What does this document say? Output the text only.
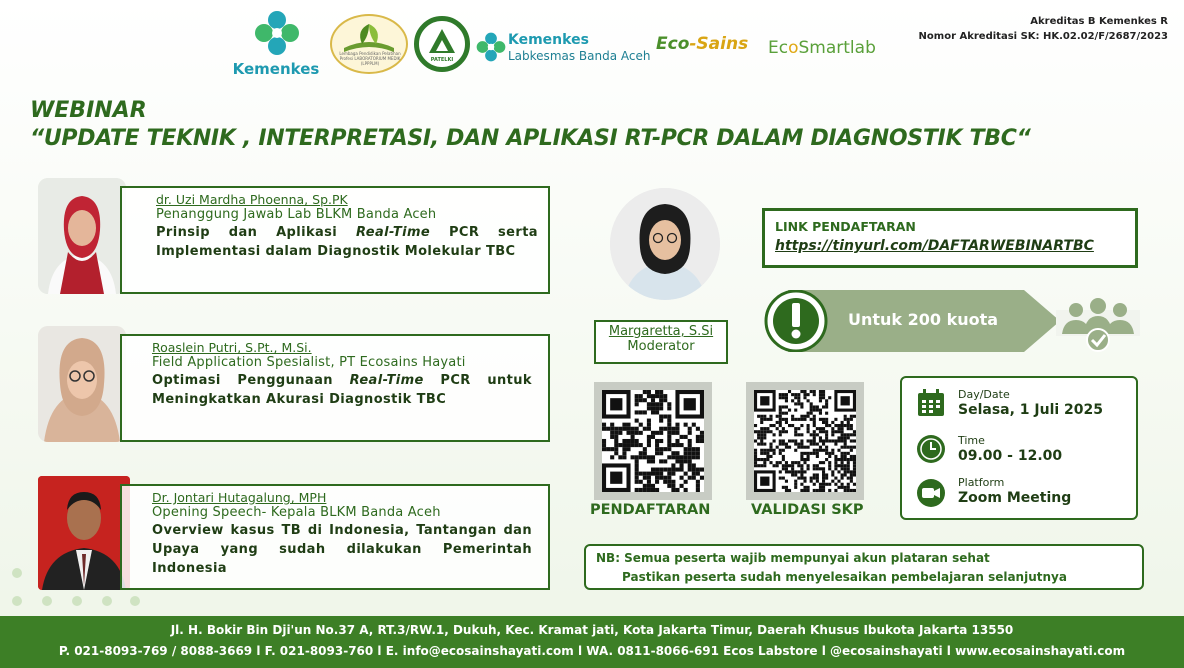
Kemenkes
Lembaga Pendidikan Pelatihan Profesi LABORATORIUM MEDIK (LPPPLM)
PATELKI
Kemenkes
Labkesmas Banda Aceh
Eco-Sains EcoSmartlab
Akreditas B Kemenkes R
Nomor Akreditasi SK: HK.02.02/F/2687/2023
WEBINAR
“UPDATE TEKNIK , INTERPRETASI, DAN APLIKASI RT-PCR DALAM DIAGNOSTIK TBC“
dr. Uzi Mardha Phoenna, Sp.PK
Penanggung Jawab Lab BLKM Banda Aceh
Prinsip dan Aplikasi Real-Time PCR serta Implementasi dalam Diagnostik Molekular TBC
Roaslein Putri, S.Pt., M.Si.
Field Application Spesialist, PT Ecosains Hayati
Optimasi Penggunaan Real-Time PCR untuk Meningkatkan Akurasi Diagnostik TBC
Dr. Jontari Hutagalung, MPH
Opening Speech- Kepala BLKM Banda Aceh
Overview kasus TB di Indonesia, Tantangan dan Upaya yang sudah dilakukan Pemerintah Indonesia
Margaretta, S.Si
Moderator
LINK PENDAFTARAN
https://tinyurl.com/DAFTARWEBINARTBC
Untuk 200 kuota
PENDAFTARAN	VALIDASI SKP
Day/Date
Selasa, 1 Juli 2025
Time
09.00 - 12.00
Platform
Zoom Meeting
NB: Semua peserta wajib mempunyai akun plataran sehat
Pastikan peserta sudah menyelesaikan pembelajaran selanjutnya
Jl. H. Bokir Bin Dji'un No.37 A, RT.3/RW.1, Dukuh, Kec. Kramat jati, Kota Jakarta Timur, Daerah Khusus Ibukota Jakarta 13550
P. 021-8093-769 / 8088-3669 l F. 021-8093-760 l E. info@ecosainshayati.com l WA. 0811-8066-691 Ecos Labstore l @ecosainshayati l www.ecosainshayati.com
